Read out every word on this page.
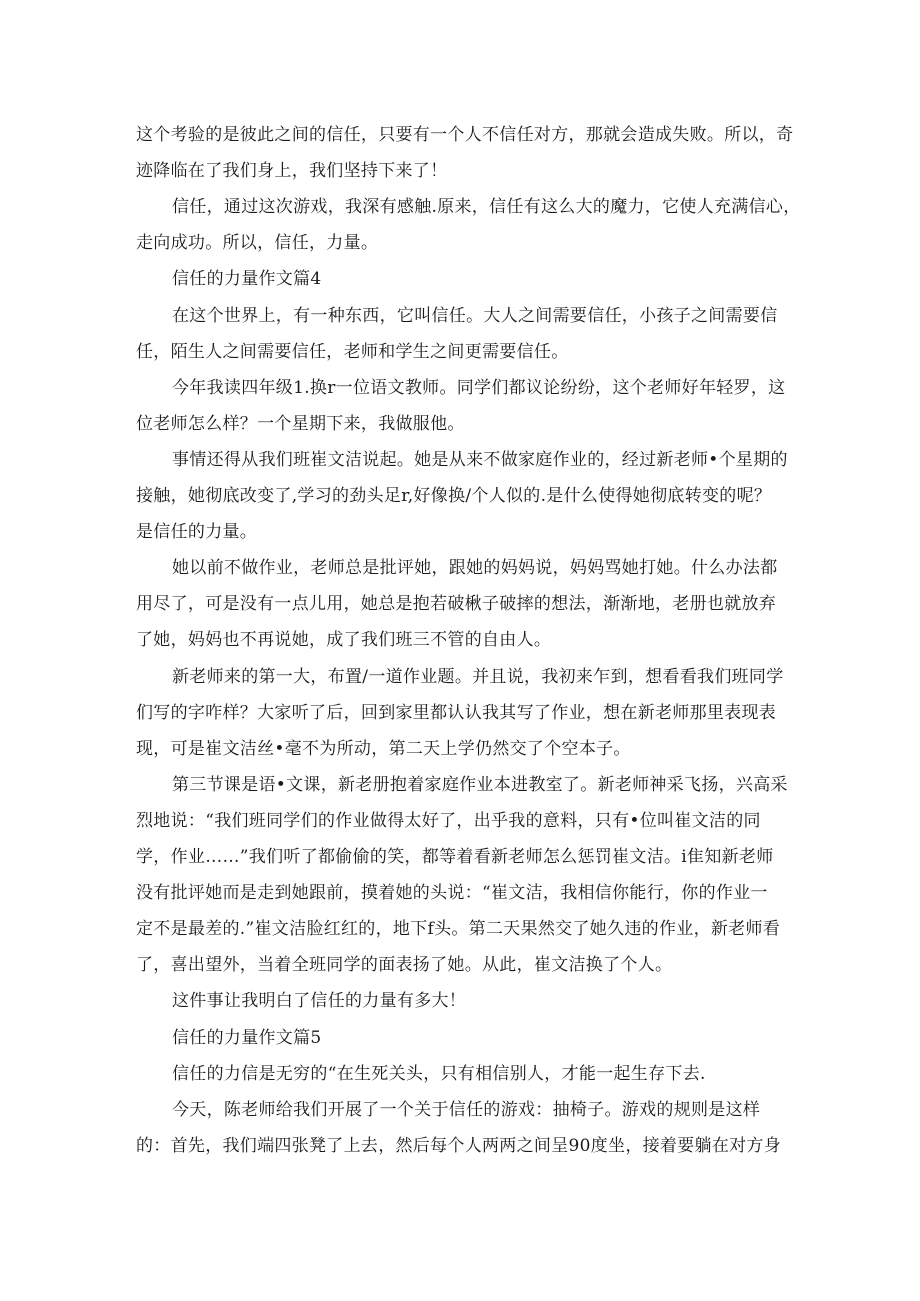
这个考验的是彼此之间的信任，只要有一个人不信任对方，那就会造成失败。所以，奇

迹降临在了我们身上，我们坚持下来了！

信任，通过这次游戏，我深有感触.原来，信任有这么大的魔力，它使人充满信心，

走向成功。所以，信任，力量。

信任的力量作文篇4

在这个世界上，有一种东西，它叫信任。大人之间需要信任，小孩子之间需要信

任，陌生人之间需要信任，老师和学生之间更需要信任。

今年我读四年级1.换r一位语文教师。同学们都议论纷纷，这个老师好年轻罗，这

位老师怎么样？一个星期下来，我做服他。

事情还得从我们班崔文洁说起。她是从来不做家庭作业的，经过新老师•个星期的

接触，她彻底改变了,学习的劲头足r,好像换/个人似的.是什么使得她彻底转变的呢？

是信任的力量。

她以前不做作业，老师总是批评她，跟她的妈妈说，妈妈骂她打她。什么办法都

用尽了，可是没有一点儿用，她总是抱若破楸子破摔的想法，渐渐地，老册也就放弃

了她，妈妈也不再说她，成了我们班三不管的自由人。

新老师来的第一大，布置/一道作业题。并且说，我初来乍到，想看看我们班同学

们写的字咋样？大家听了后，回到家里都认认我其写了作业，想在新老师那里表现表

现，可是崔文洁丝•毫不为所动，第二天上学仍然交了个空本子。

第三节课是语•文课，新老册抱着家庭作业本进教室了。新老师神采飞扬，兴高采

烈地说：“我们班同学们的作业做得太好了，出乎我的意料，只有•位叫崔文洁的同

学，作业……”我们听了都偷偷的笑，都等着看新老师怎么惩罚崔文洁。i隹知新老师

没有批评她而是走到她跟前，摸着她的头说：“崔文洁，我相信你能行，你的作业一

定不是最差的.”崔文洁脸红红的，地下f头。第二天果然交了她久违的作业，新老师看

了，喜出望外，当着全班同学的面表扬了她。从此，崔文洁换了个人。

这件事让我明白了信任的力量有多大！

信任的力量作文篇5

信任的力信是无穷的“在生死关头，只有相信别人，才能一起生存下去.

今天，陈老师给我们开展了一个关于信任的游戏：抽椅子。游戏的规则是这样

的：首先，我们端四张凳了上去，然后每个人两两之间呈90度坐，接着要躺在对方身
